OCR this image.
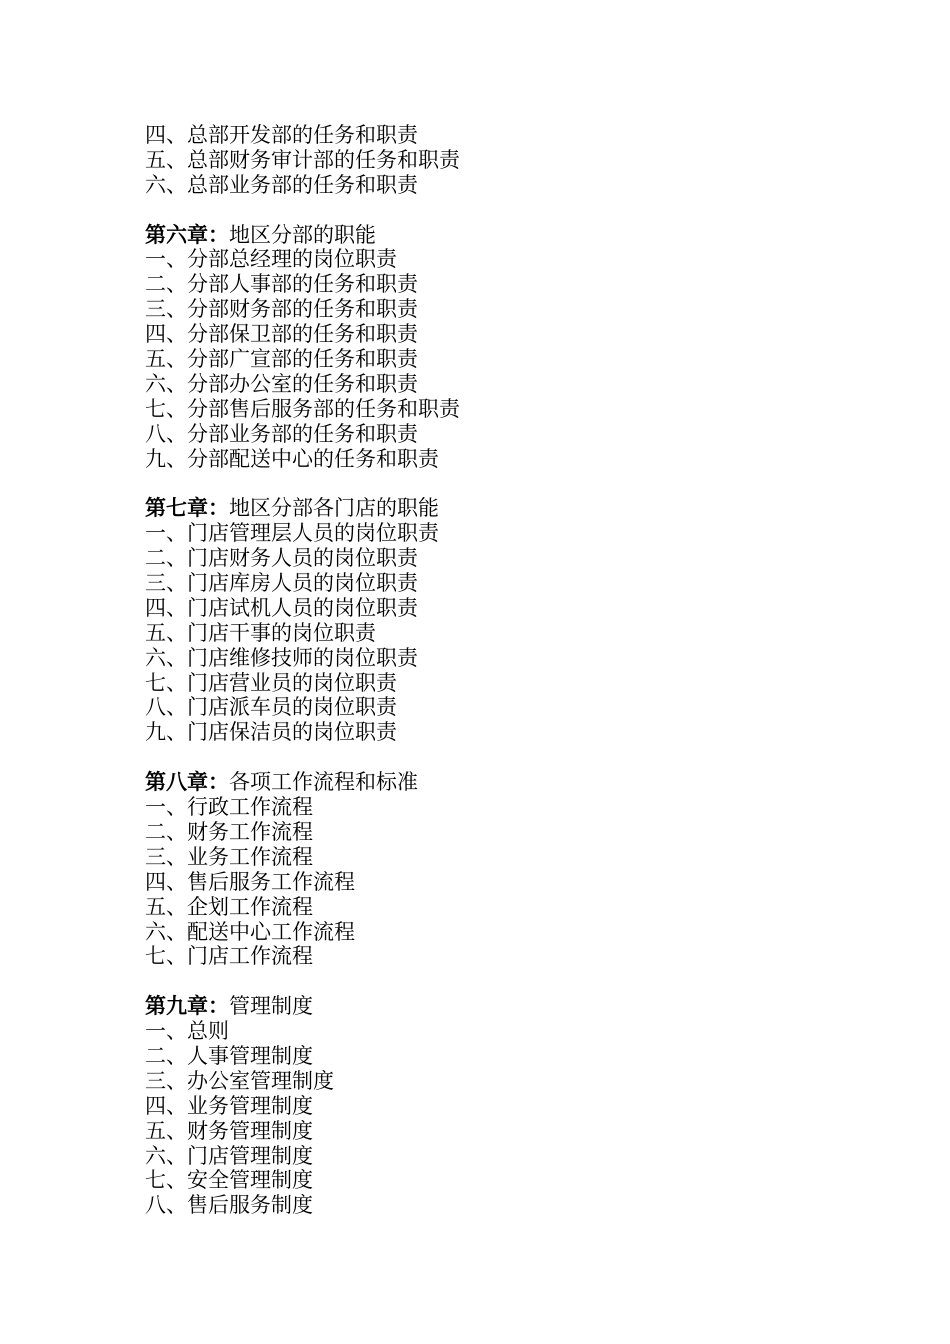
四、总部开发部的任务和职责
五、总部财务审计部的任务和职责
六、总部业务部的任务和职责
第六章：地区分部的职能
一、分部总经理的岗位职责
二、分部人事部的任务和职责
三、分部财务部的任务和职责
四、分部保卫部的任务和职责
五、分部广宣部的任务和职责
六、分部办公室的任务和职责
七、分部售后服务部的任务和职责
八、分部业务部的任务和职责
九、分部配送中心的任务和职责
第七章：地区分部各门店的职能
一、门店管理层人员的岗位职责
二、门店财务人员的岗位职责
三、门店库房人员的岗位职责
四、门店试机人员的岗位职责
五、门店干事的岗位职责
六、门店维修技师的岗位职责
七、门店营业员的岗位职责
八、门店派车员的岗位职责
九、门店保洁员的岗位职责
第八章：各项工作流程和标准
一、行政工作流程
二、财务工作流程
三、业务工作流程
四、售后服务工作流程
五、企划工作流程
六、配送中心工作流程
七、门店工作流程
第九章：管理制度
一、总则
二、人事管理制度
三、办公室管理制度
四、业务管理制度
五、财务管理制度
六、门店管理制度
七、安全管理制度
八、售后服务制度
